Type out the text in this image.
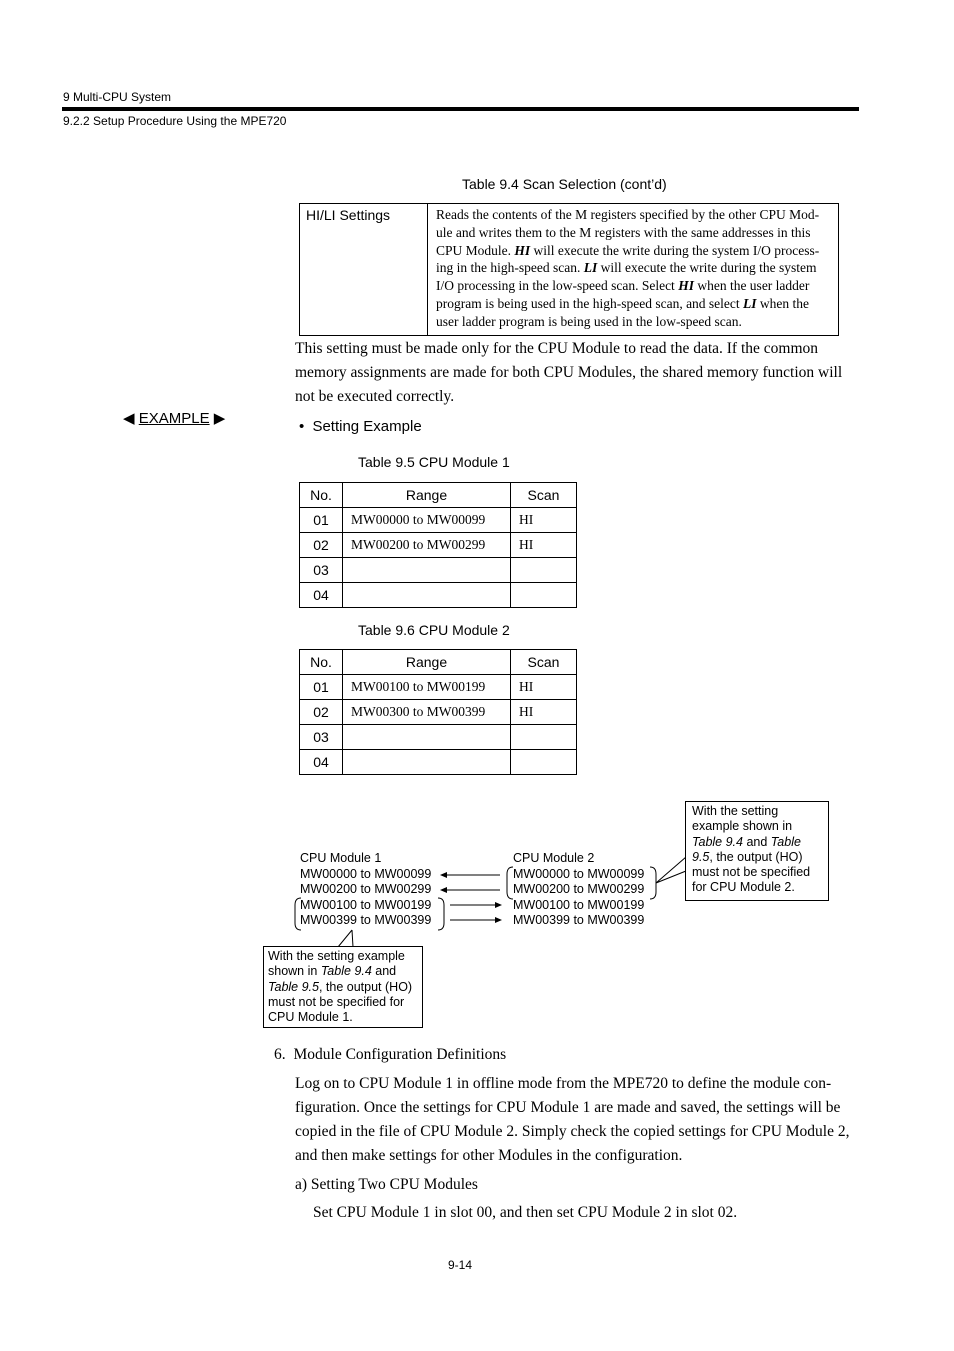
9 Multi-CPU System
9.2.2 Setup Procedure Using the MPE720
Table 9.4 Scan Selection (cont’d)
HI/LI Settings	Reads the contents of the M registers specified by the other CPU Mod-ule and writes them to the M registers with the same addresses in this CPU Module. HI will execute the write during the system I/O process-ing in the high-speed scan. LI will execute the write during the system I/O processing in the low-speed scan. Select HI when the user ladder program is being used in the high-speed scan, and select LI when the user ladder program is being used in the low-speed scan.
This setting must be made only for the CPU Module to read the data. If the common memory assignments are made for both CPU Modules, the shared memory function will not be executed correctly.
◀ EXAMPLE ▶	• Setting Example
Table 9.5 CPU Module 1
No.	Range	Scan
01	MW00000 to MW00099	HI
02	MW00200 to MW00299	HI
03		
04		
Table 9.6 CPU Module 2
No.	Range	Scan
01	MW00100 to MW00199	HI
02	MW00300 to MW00399	HI
03		
04		
CPU Module 1
MW00000 to MW00099
MW00200 to MW00299
MW00100 to MW00199
MW00399 to MW00399
CPU Module 2
MW00000 to MW00099
MW00200 to MW00299
MW00100 to MW00199
MW00399 to MW00399
With the setting example shown in Table 9.4 and Table 9.5, the output (HO) must not be specified for CPU Module 2.
With the setting example shown in Table 9.4 and Table 9.5, the output (HO) must not be specified for CPU Module 1.
6. Module Configuration Definitions
Log on to CPU Module 1 in offline mode from the MPE720 to define the module con-figuration. Once the settings for CPU Module 1 are made and saved, the settings will be copied in the file of CPU Module 2. Simply check the copied settings for CPU Module 2, and then make settings for other Modules in the configuration.
a) Setting Two CPU Modules
Set CPU Module 1 in slot 00, and then set CPU Module 2 in slot 02.
9-14
